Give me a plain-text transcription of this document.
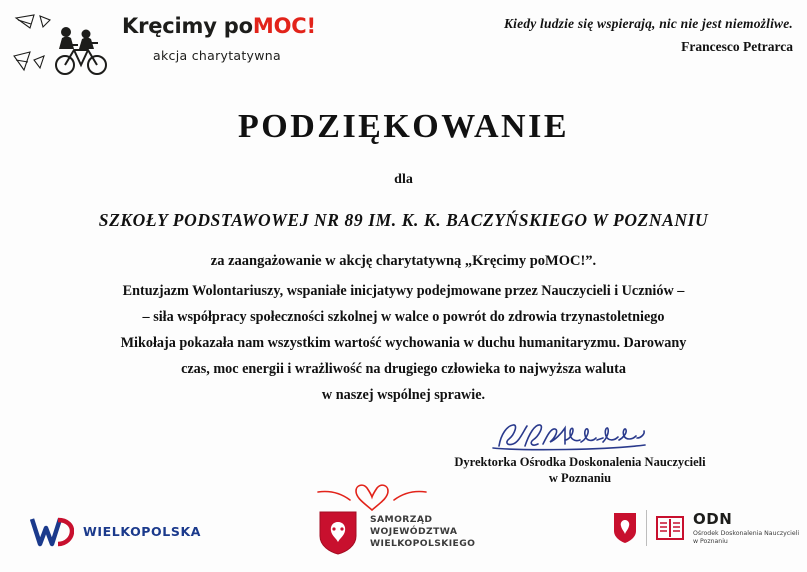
Kręcimy poMOC!
akcja charytatywna
Kiedy ludzie się wspierają, nic nie jest niemożliwe.
Francesco Petrarca
PODZIĘKOWANIE
dla
SZKOŁY PODSTAWOWEJ NR 89 IM. K. K. BACZYŃSKIEGO W POZNANIU
za zaangażowanie w akcję charytatywną „Kręcimy poMOC!”.
Entuzjazm Wolontariuszy, wspaniałe inicjatywy podejmowane przez Nauczycieli i Uczniów –
– siła współpracy społeczności szkolnej w walce o powrót do zdrowia trzynastoletniego
Mikołaja pokazała nam wszystkim wartość wychowania w duchu humanitaryzmu. Darowany
czas, moc energii i wrażliwość na drugiego człowieka to najwyższa waluta
w naszej wspólnej sprawie.
Dyrektorka Ośrodka Doskonalenia Nauczycieli
w Poznaniu
WIELKOPOLSKA
SAMORZĄD
WOJEWÓDZTWA
WIELKOPOLSKIEGO
ODN
Ośrodek Doskonalenia Nauczycieli
w Poznaniu
